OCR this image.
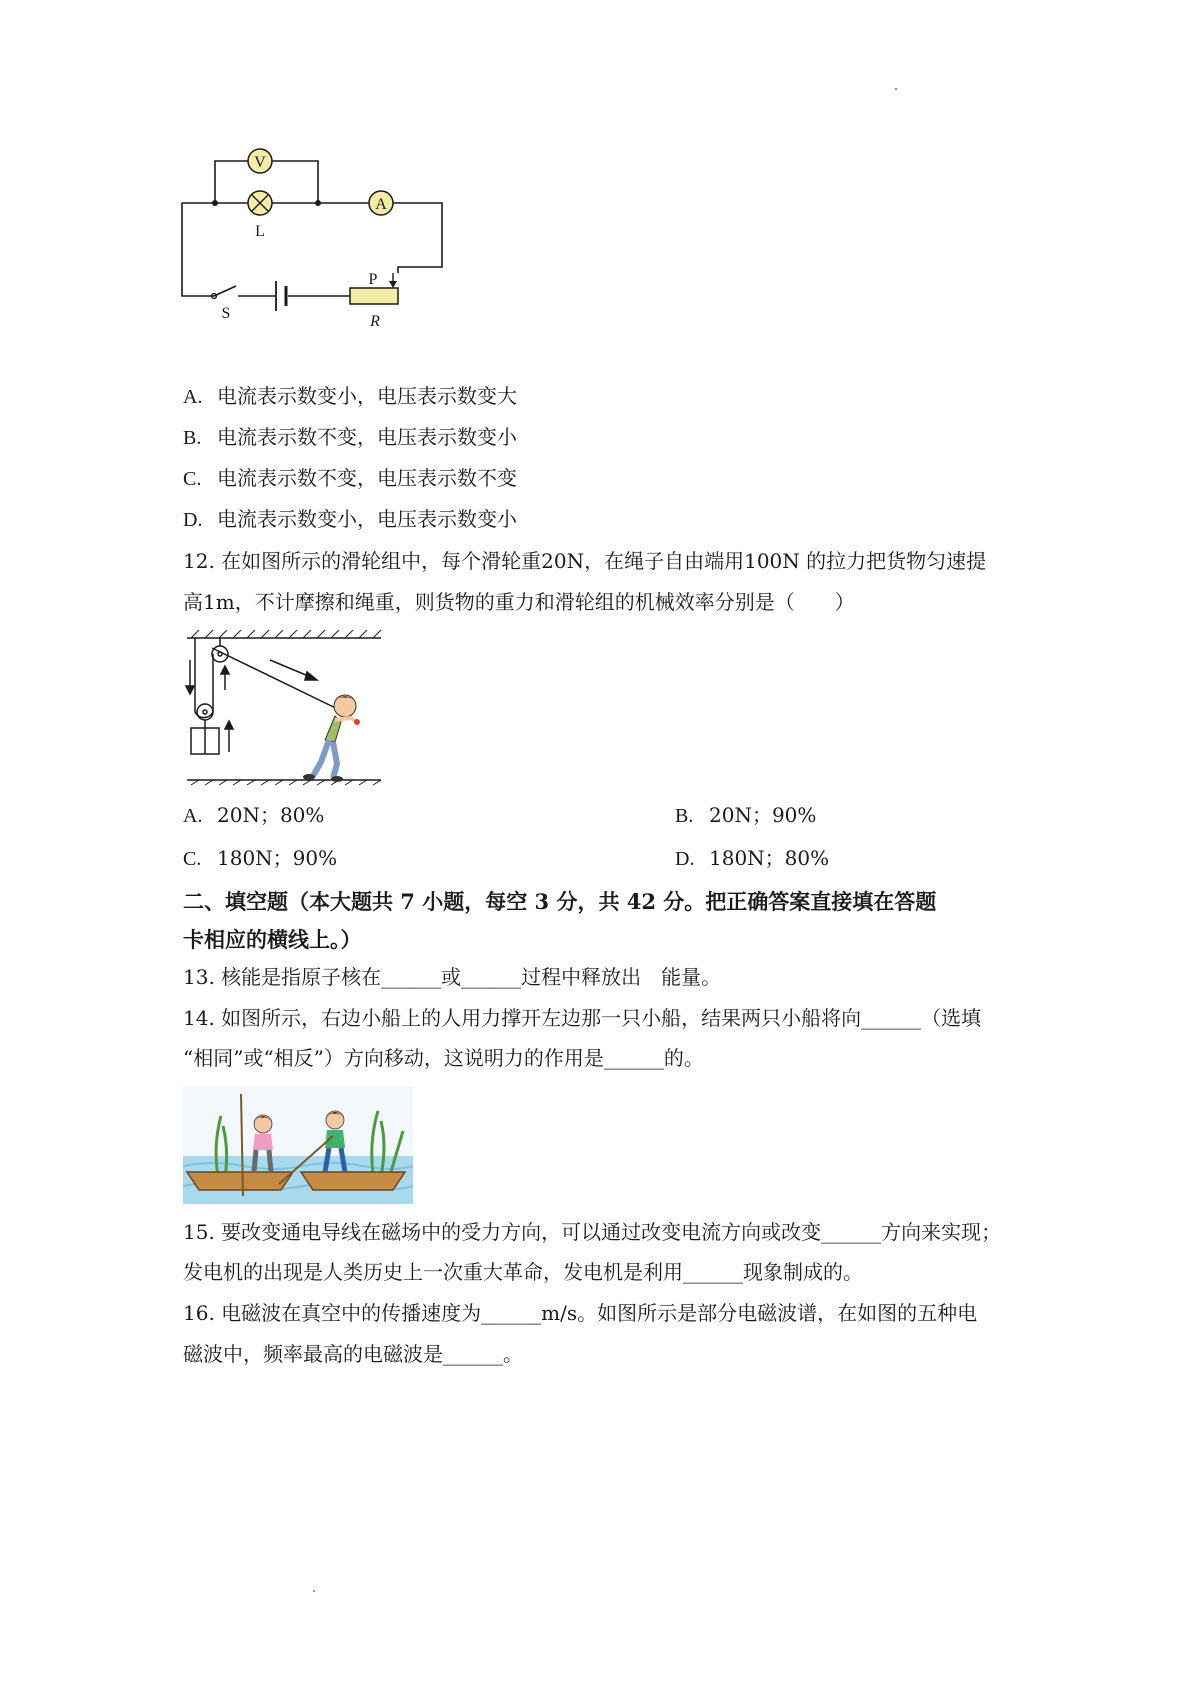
V
L
A
P
R
S
A. 电流表示数变小，电压表示数变大
B. 电流表示数不变，电压表示数变小
C. 电流表示数不变，电压表示数不变
D. 电流表示数变小，电压表示数变小
12. 在如图所示的滑轮组中，每个滑轮重20N，在绳子自由端用100N 的拉力把货物匀速提
高1m，不计摩擦和绳重，则货物的重力和滑轮组的机械效率分别是（　　）
A. 20N；80%	B. 20N；90%
C. 180N；90%	D. 180N；80%
二、填空题（本大题共 7 小题，每空 3 分，共 42 分。把正确答案直接填在答题
卡相应的横线上。）
13. 核能是指原子核在______或______过程中释放出　能量。
14. 如图所示，右边小船上的人用力撑开左边那一只小船，结果两只小船将向______（选填
“相同”或“相反”）方向移动，这说明力的作用是______的。
15. 要改变通电导线在磁场中的受力方向，可以通过改变电流方向或改变______方向来实现；
发电机的出现是人类历史上一次重大革命，发电机是利用______现象制成的。
16. 电磁波在真空中的传播速度为______m/s。如图所示是部分电磁波谱，在如图的五种电
磁波中，频率最高的电磁波是______。
